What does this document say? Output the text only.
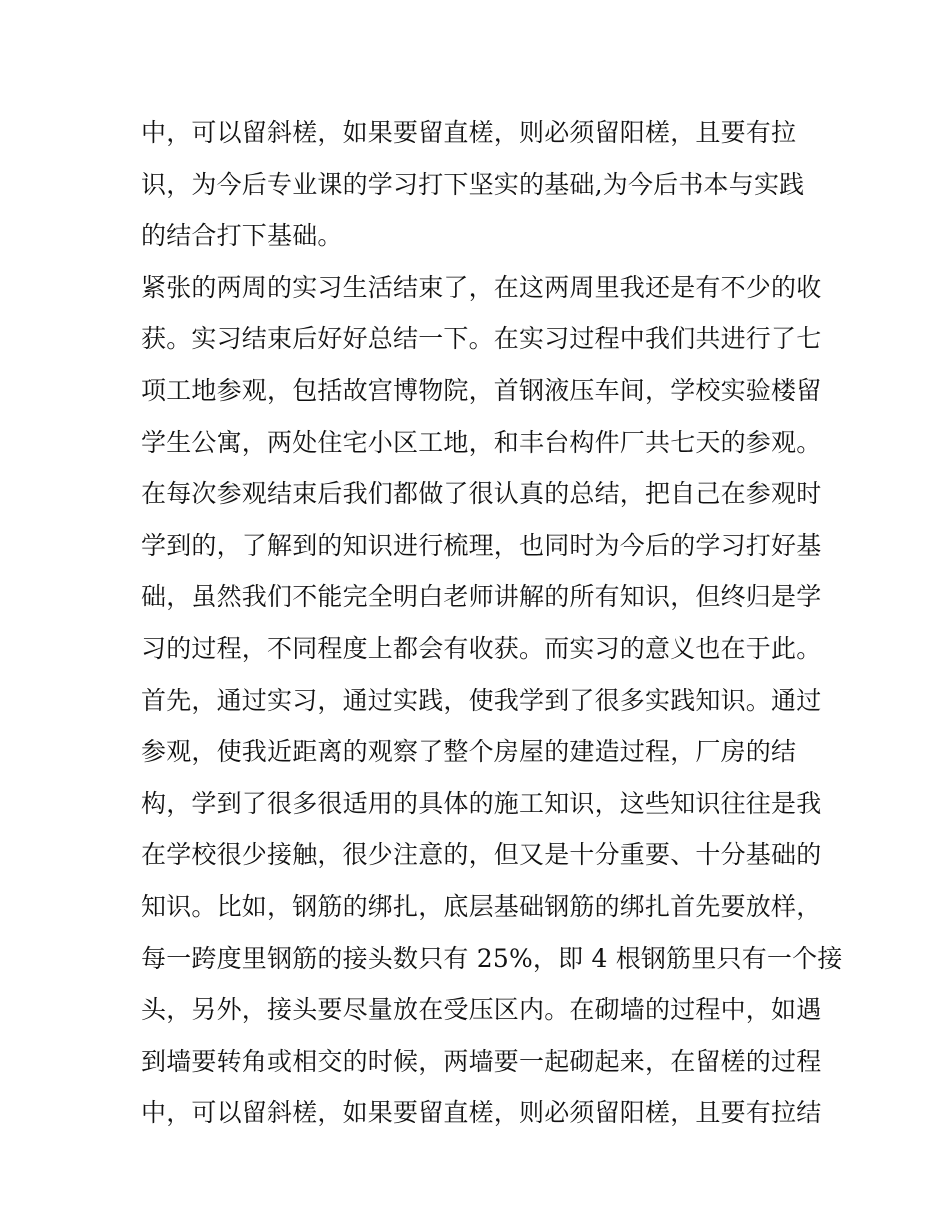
中，可以留斜槎，如果要留直槎，则必须留阳槎，且要有拉
识，为今后专业课的学习打下坚实的基础,为今后书本与实践
的结合打下基础。
紧张的两周的实习生活结束了，在这两周里我还是有不少的收
获。实习结束后好好总结一下。在实习过程中我们共进行了七
项工地参观，包括故宫博物院，首钢液压车间，学校实验楼留
学生公寓，两处住宅小区工地，和丰台构件厂共七天的参观。
在每次参观结束后我们都做了很认真的总结，把自己在参观时
学到的，了解到的知识进行梳理，也同时为今后的学习打好基
础，虽然我们不能完全明白老师讲解的所有知识，但终归是学
习的过程，不同程度上都会有收获。而实习的意义也在于此。
首先，通过实习，通过实践，使我学到了很多实践知识。通过
参观，使我近距离的观察了整个房屋的建造过程，厂房的结
构，学到了很多很适用的具体的施工知识，这些知识往往是我
在学校很少接触，很少注意的，但又是十分重要、十分基础的
知识。比如，钢筋的绑扎，底层基础钢筋的绑扎首先要放样，
每一跨度里钢筋的接头数只有 25%，即 4 根钢筋里只有一个接
头，另外，接头要尽量放在受压区内。在砌墙的过程中，如遇
到墙要转角或相交的时候，两墙要一起砌起来，在留槎的过程
中，可以留斜槎，如果要留直槎，则必须留阳槎，且要有拉结
